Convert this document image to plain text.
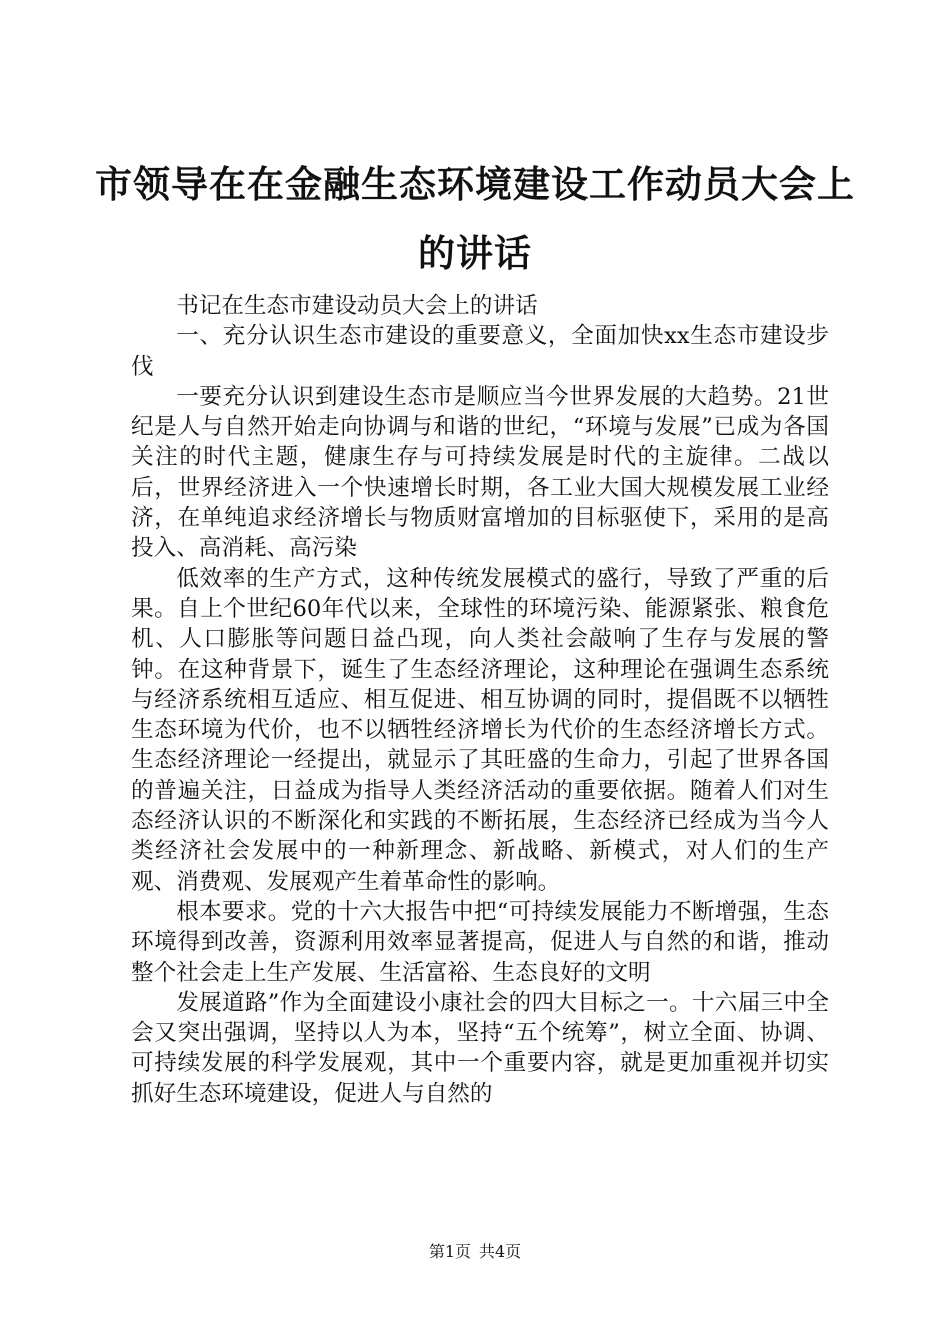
市领导在在金融生态环境建设工作动员大会上的讲话

书记在生态市建设动员大会上的讲话

一、充分认识生态市建设的重要意义，全面加快xx生态市建设步伐

一要充分认识到建设生态市是顺应当今世界发展的大趋势。21世纪是人与自然开始走向协调与和谐的世纪，“环境与发展”已成为各国关注的时代主题，健康生存与可持续发展是时代的主旋律。二战以后，世界经济进入一个快速增长时期，各工业大国大规模发展工业经济，在单纯追求经济增长与物质财富增加的目标驱使下，采用的是高投入、高消耗、高污染

低效率的生产方式，这种传统发展模式的盛行，导致了严重的后果。自上个世纪60年代以来，全球性的环境污染、能源紧张、粮食危机、人口膨胀等问题日益凸现，向人类社会敲响了生存与发展的警钟。在这种背景下，诞生了生态经济理论，这种理论在强调生态系统与经济系统相互适应、相互促进、相互协调的同时，提倡既不以牺牲生态环境为代价，也不以牺牲经济增长为代价的生态经济增长方式。生态经济理论一经提出，就显示了其旺盛的生命力，引起了世界各国的普遍关注，日益成为指导人类经济活动的重要依据。随着人们对生态经济认识的不断深化和实践的不断拓展，生态经济已经成为当今人类经济社会发展中的一种新理念、新战略、新模式，对人们的生产观、消费观、发展观产生着革命性的影响。

根本要求。党的十六大报告中把“可持续发展能力不断增强，生态环境得到改善，资源利用效率显著提高，促进人与自然的和谐，推动整个社会走上生产发展、生活富裕、生态良好的文明

发展道路”作为全面建设小康社会的四大目标之一。十六届三中全会又突出强调，坚持以人为本，坚持“五个统筹”，树立全面、协调、可持续发展的科学发展观，其中一个重要内容，就是更加重视并切实抓好生态环境建设，促进人与自然的

第1页 共4页
